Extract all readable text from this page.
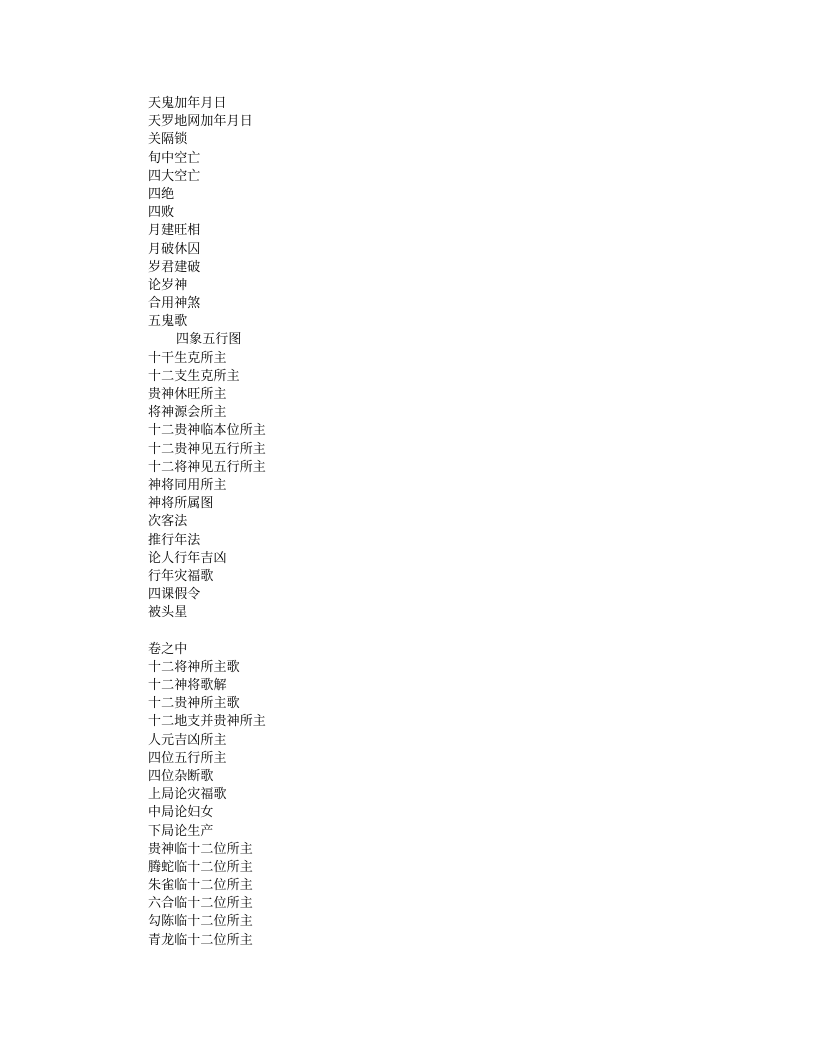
天鬼加年月日
天罗地网加年月日
关隔锁
旬中空亡
四大空亡
四绝
四败
月建旺相
月破休囚
岁君建破
论岁神
合用神煞
五鬼歌
四象五行图
十干生克所主
十二支生克所主
贵神休旺所主
将神源会所主
十二贵神临本位所主
十二贵神见五行所主
十二将神见五行所主
神将同用所主
神将所属图
次客法
推行年法
论人行年吉凶
行年灾福歌
四课假令
被头星
卷之中
十二将神所主歌
十二神将歌解
十二贵神所主歌
十二地支并贵神所主
人元吉凶所主
四位五行所主
四位杂断歌
上局论灾福歌
中局论妇女
下局论生产
贵神临十二位所主
腾蛇临十二位所主
朱雀临十二位所主
六合临十二位所主
勾陈临十二位所主
青龙临十二位所主
